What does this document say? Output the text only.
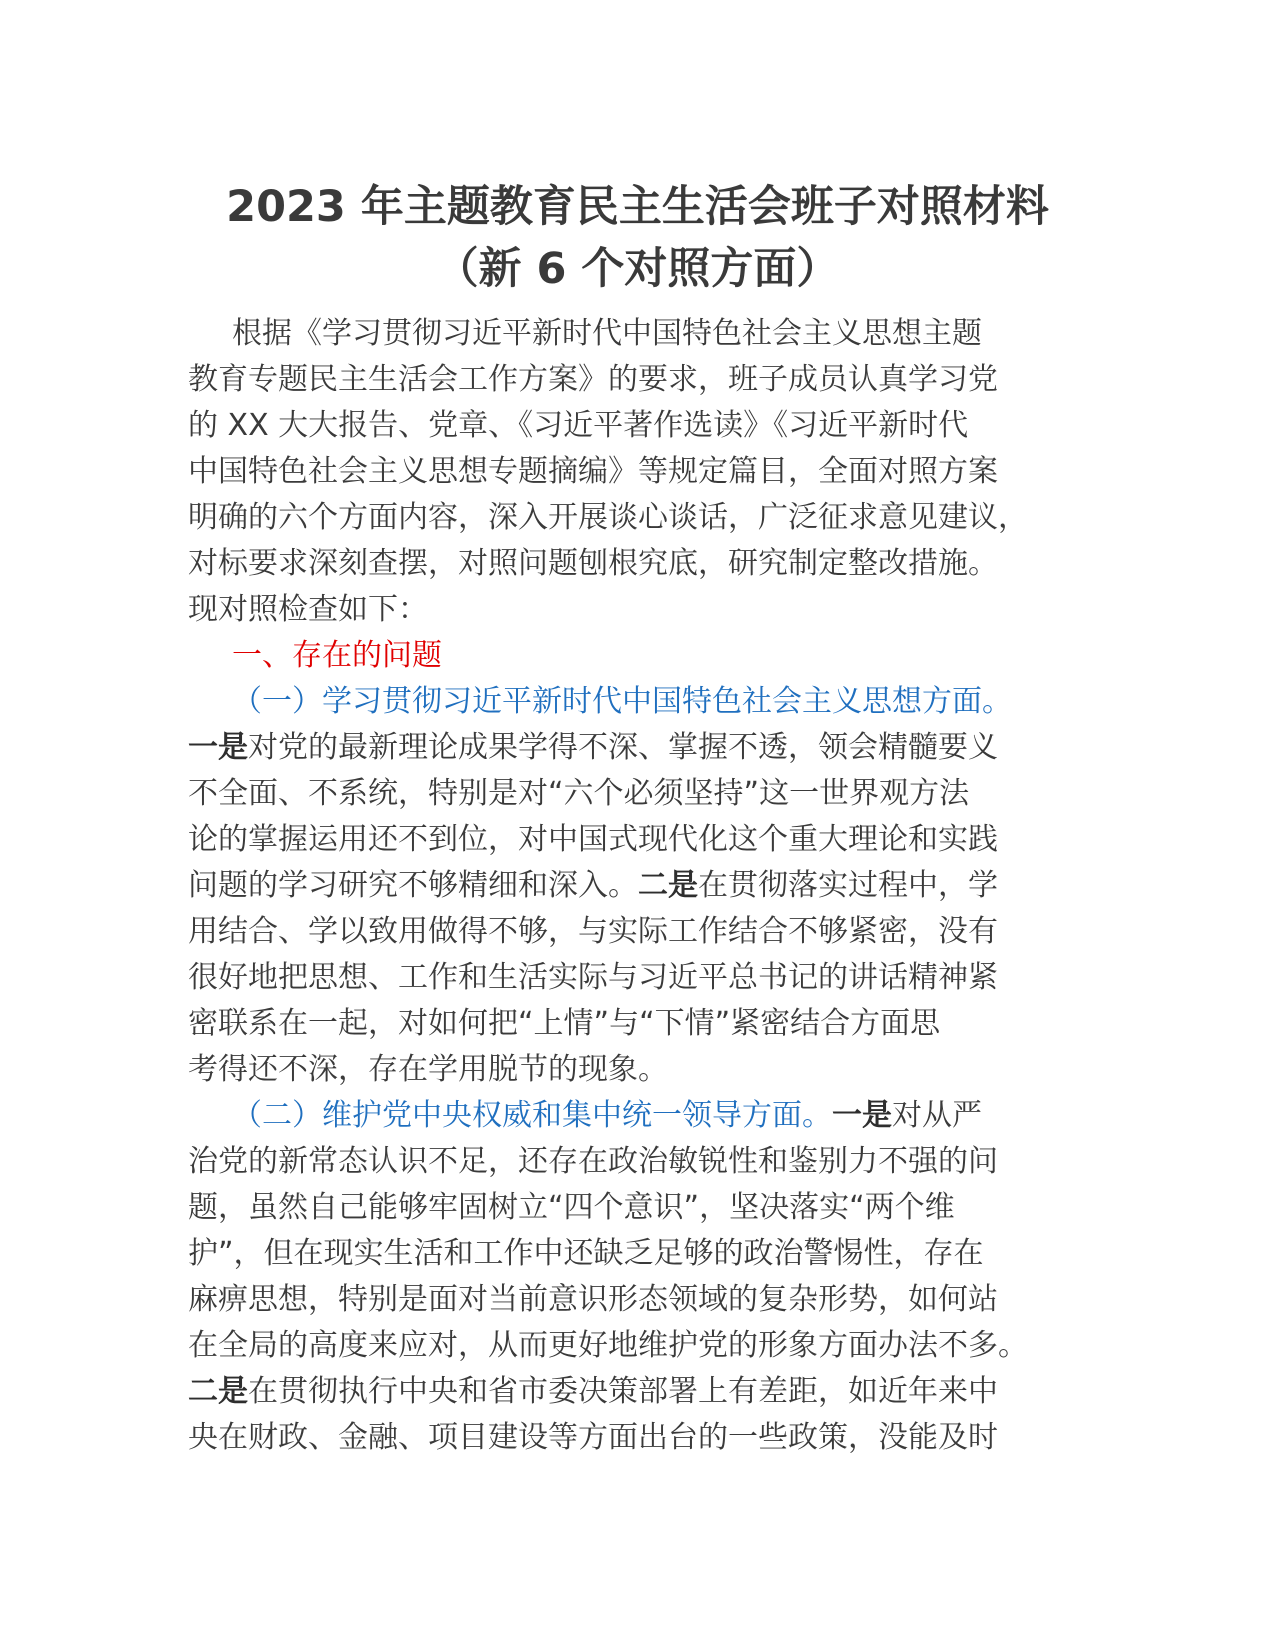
2023 年主题教育民主生活会班子对照材料
（新 6 个对照方面）
根据《学习贯彻习近平新时代中国特色社会主义思想主题
教育专题民主生活会工作方案》的要求，班子成员认真学习党
的 XX 大大报告、党章、《习近平著作选读》《习近平新时代
中国特色社会主义思想专题摘编》等规定篇目，全面对照方案
明确的六个方面内容，深入开展谈心谈话，广泛征求意见建议，
对标要求深刻查摆，对照问题刨根究底，研究制定整改措施。
现对照检查如下：
一、存在的问题
（一）学习贯彻习近平新时代中国特色社会主义思想方面。
一是对党的最新理论成果学得不深、掌握不透，领会精髓要义
不全面、不系统，特别是对“六个必须坚持”这一世界观方法
论的掌握运用还不到位，对中国式现代化这个重大理论和实践
问题的学习研究不够精细和深入。二是在贯彻落实过程中，学
用结合、学以致用做得不够，与实际工作结合不够紧密，没有
很好地把思想、工作和生活实际与习近平总书记的讲话精神紧
密联系在一起，对如何把“上情”与“下情”紧密结合方面思
考得还不深，存在学用脱节的现象。
（二）维护党中央权威和集中统一领导方面。一是对从严
治党的新常态认识不足，还存在政治敏锐性和鉴别力不强的问
题，虽然自己能够牢固树立“四个意识”，坚决落实“两个维
护”，但在现实生活和工作中还缺乏足够的政治警惕性，存在
麻痹思想，特别是面对当前意识形态领域的复杂形势，如何站
在全局的高度来应对，从而更好地维护党的形象方面办法不多。
二是在贯彻执行中央和省市委决策部署上有差距，如近年来中
央在财政、金融、项目建设等方面出台的一些政策，没能及时
